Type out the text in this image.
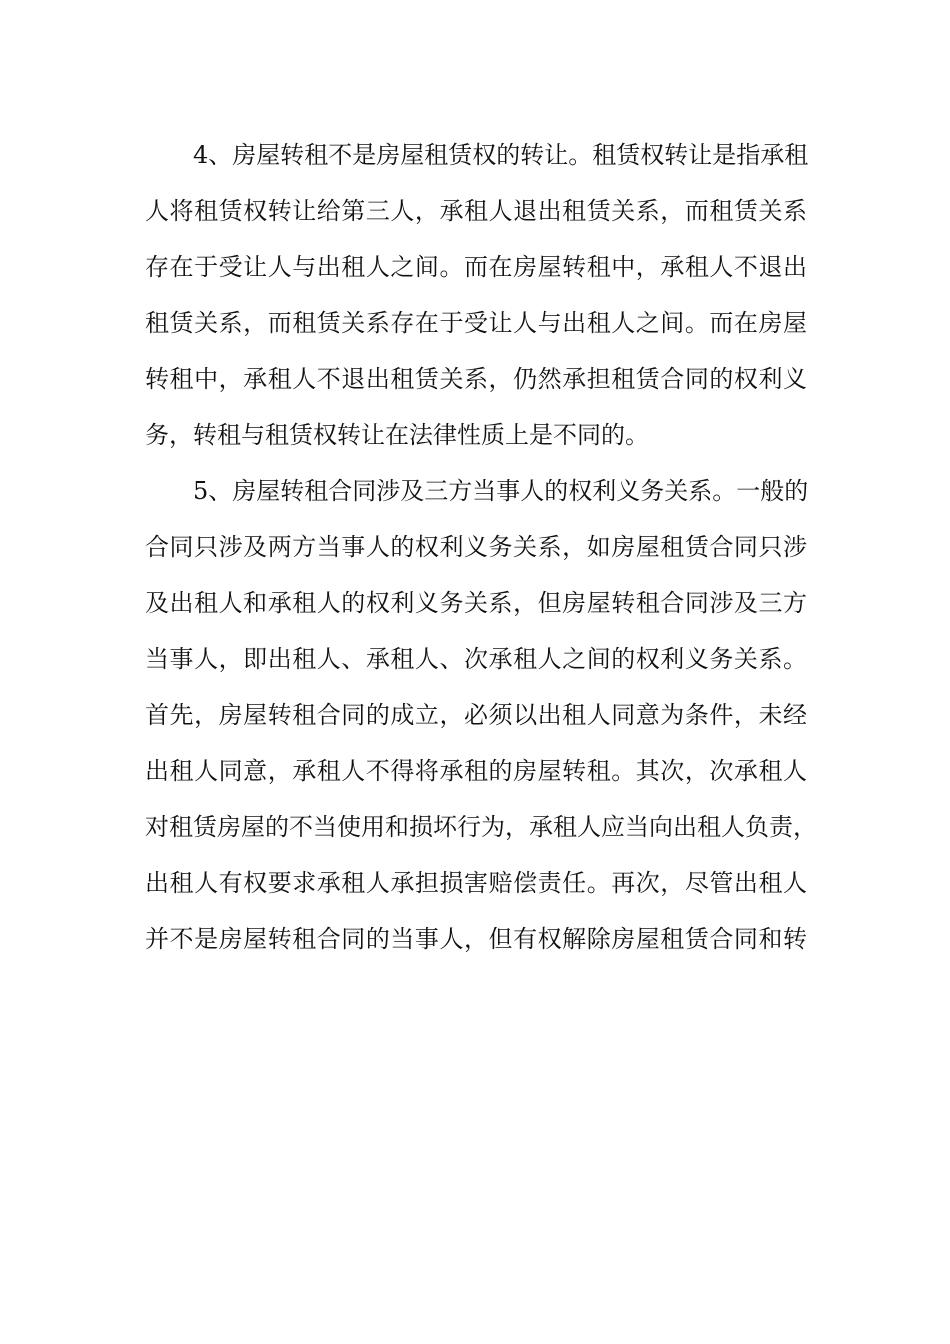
4、房屋转租不是房屋租赁权的转让。租赁权转让是指承租

人将租赁权转让给第三人，承租人退出租赁关系，而租赁关系

存在于受让人与出租人之间。而在房屋转租中，承租人不退出

租赁关系，而租赁关系存在于受让人与出租人之间。而在房屋

转租中，承租人不退出租赁关系，仍然承担租赁合同的权利义

务，转租与租赁权转让在法律性质上是不同的。

5、房屋转租合同涉及三方当事人的权利义务关系。一般的

合同只涉及两方当事人的权利义务关系，如房屋租赁合同只涉

及出租人和承租人的权利义务关系，但房屋转租合同涉及三方

当事人，即出租人、承租人、次承租人之间的权利义务关系。

首先，房屋转租合同的成立，必须以出租人同意为条件，未经

出租人同意，承租人不得将承租的房屋转租。其次，次承租人

对租赁房屋的不当使用和损坏行为，承租人应当向出租人负责，

出租人有权要求承租人承担损害赔偿责任。再次，尽管出租人

并不是房屋转租合同的当事人，但有权解除房屋租赁合同和转
